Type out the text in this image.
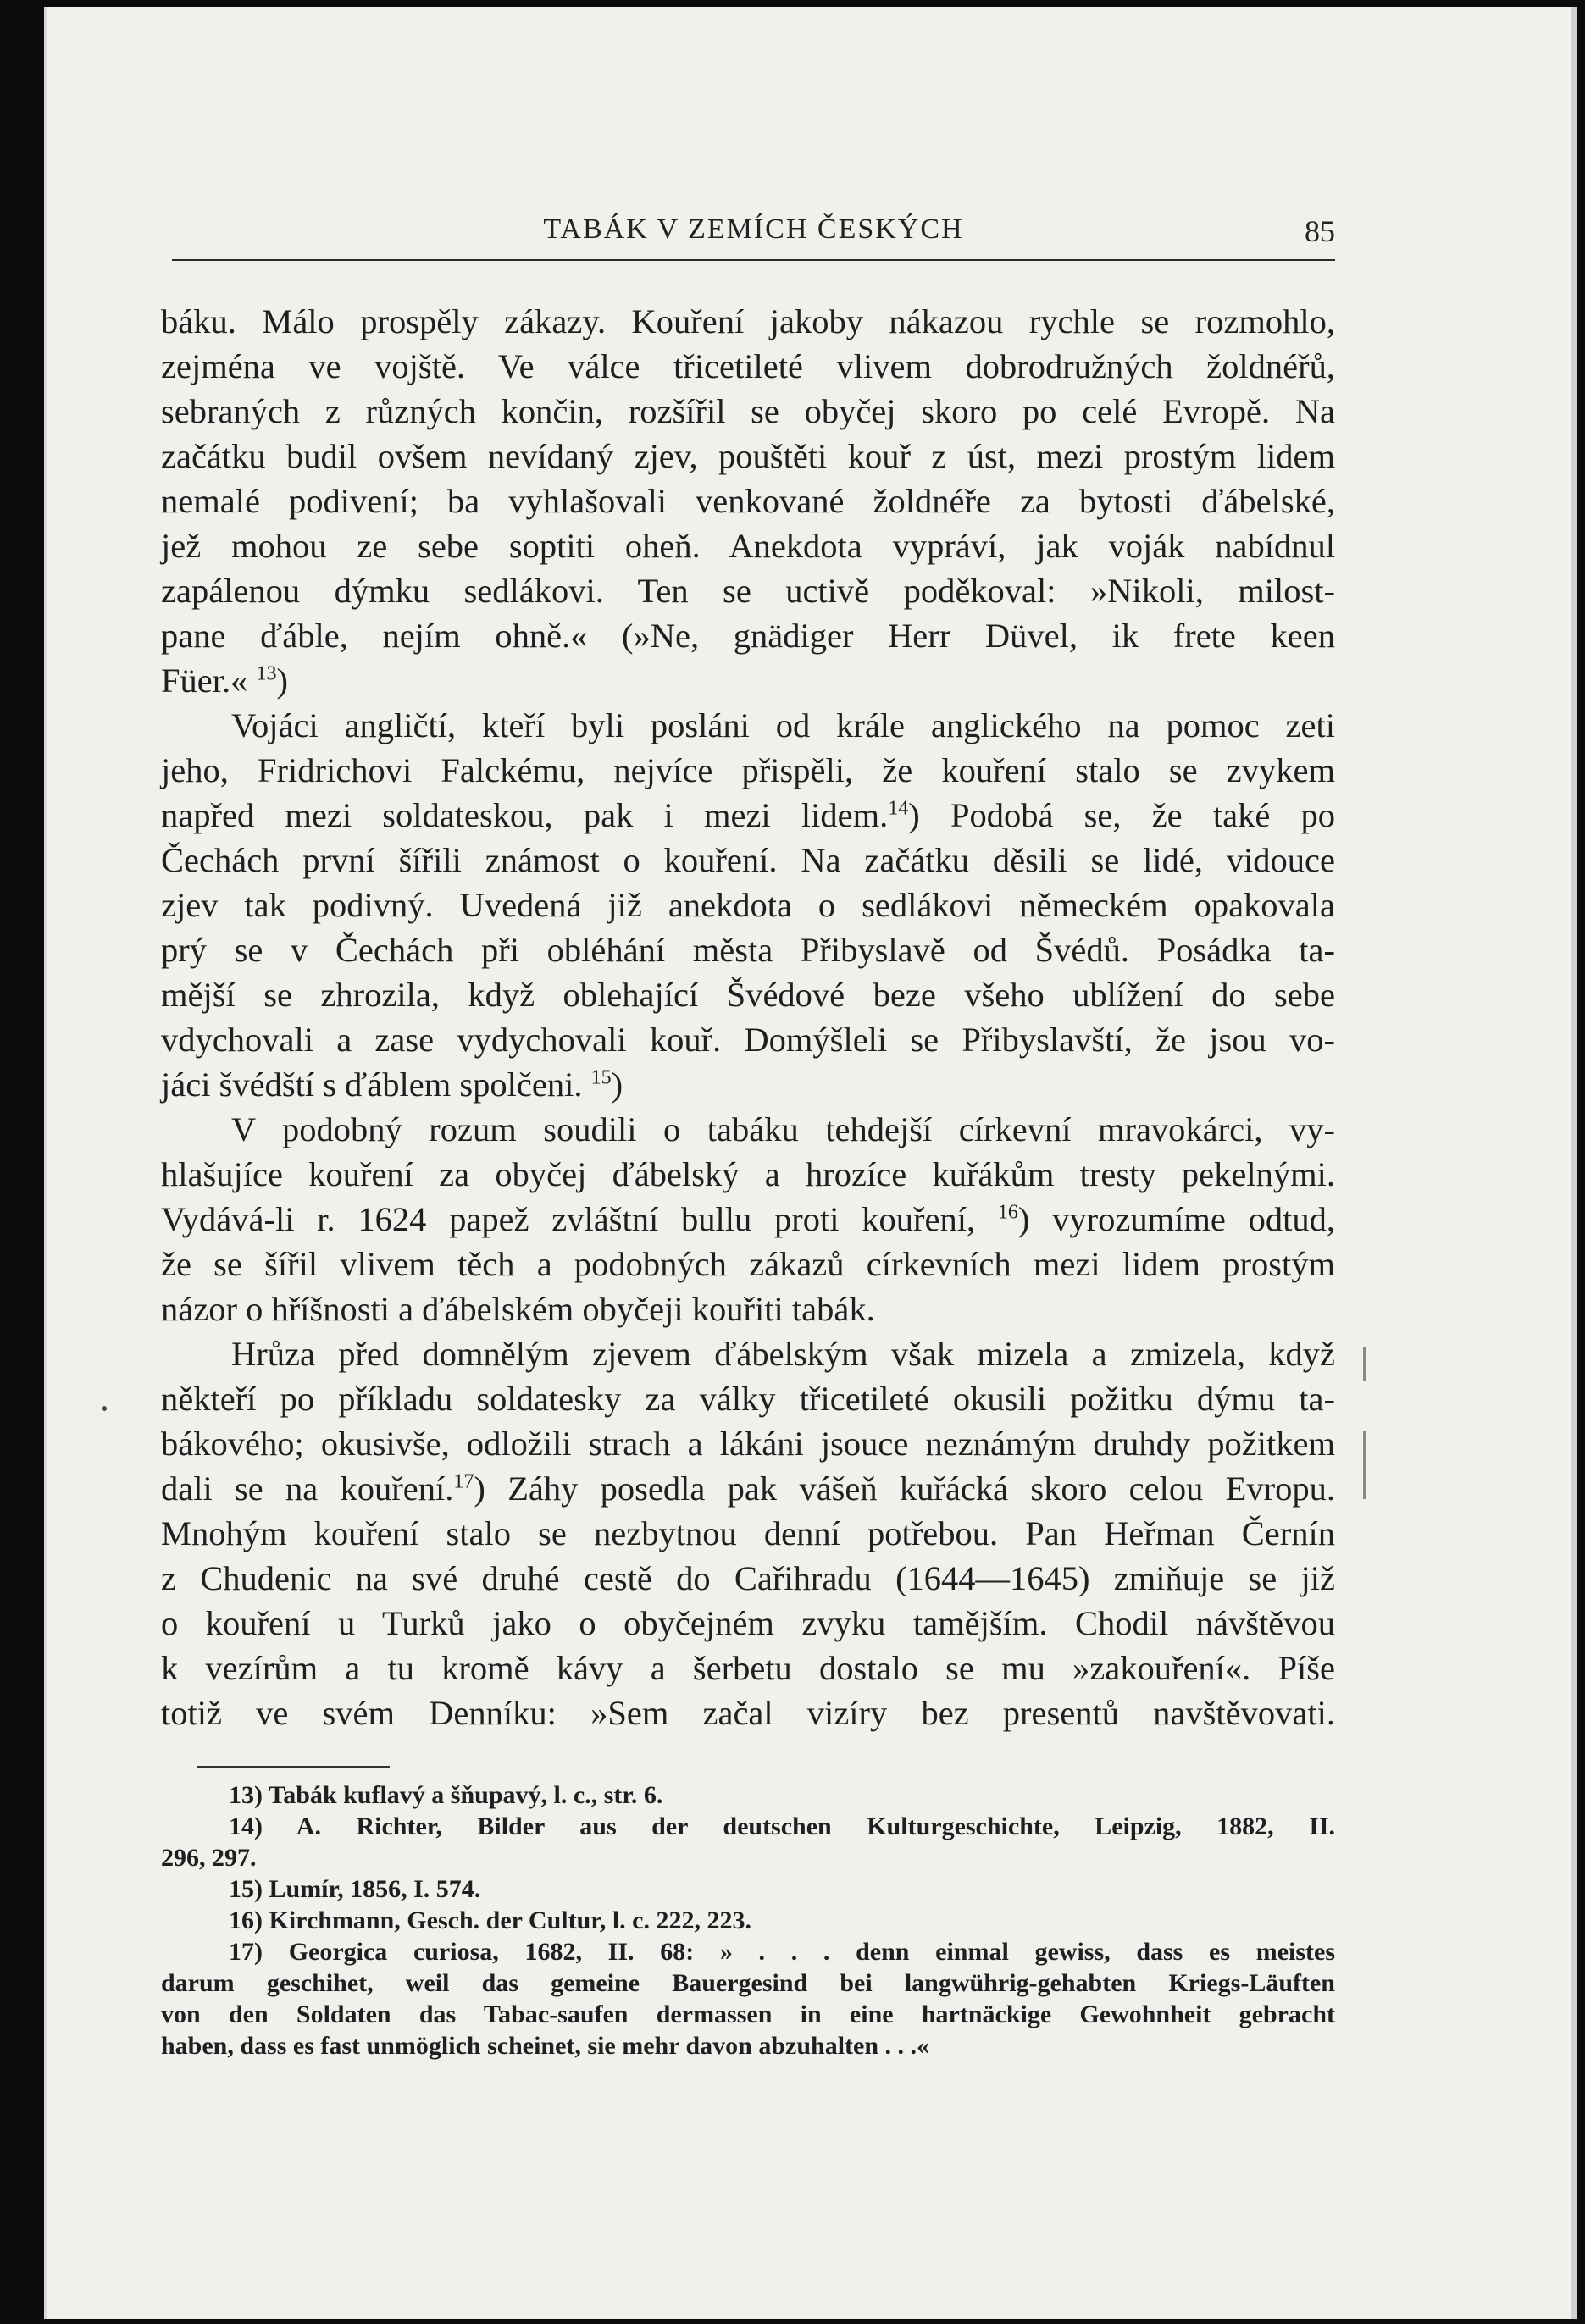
TABÁK V ZEMÍCH ČESKÝCH	85
báku. Málo prospěly zákazy. Kouření jakoby nákazou rychle se rozmohlo,
zejména ve vojště. Ve válce třicetileté vlivem dobrodružných žoldnéřů,
sebraných z různých končin, rozšířil se obyčej skoro po celé Evropě. Na
začátku budil ovšem nevídaný zjev, pouštěti kouř z úst, mezi prostým lidem
nemalé podivení; ba vyhlašovali venkované žoldnéře za bytosti ďábelské,
jež mohou ze sebe soptiti oheň. Anekdota vypráví, jak voják nabídnul
zapálenou dýmku sedlákovi. Ten se uctivě poděkoval: »Nikoli, milost-
pane ďáble, nejím ohně.« (»Ne, gnädiger Herr Düvel, ik frete keen
Füer.« $^{13}$)
Vojáci angličtí, kteří byli posláni od krále anglického na pomoc zeti
jeho, Fridrichovi Falckému, nejvíce přispěli, že kouření stalo se zvykem
napřed mezi soldateskou, pak i mezi lidem.$^{14}$) Podobá se, že také po
Čechách první šířili známost o kouření. Na začátku děsili se lidé, vidouce
zjev tak podivný. Uvedená již anekdota o sedlákovi německém opakovala
prý se v Čechách při obléhání města Přibyslavě od Švédů. Posádka ta-
mější se zhrozila, když oblehající Švédové beze všeho ublížení do sebe
vdychovali a zase vydychovali kouř. Domýšleli se Přibyslavští, že jsou vo-
jáci švédští s ďáblem spolčeni. $^{15}$)
V podobný rozum soudili o tabáku tehdejší církevní mravokárci, vy-
hlašujíce kouření za obyčej ďábelský a hrozíce kuřákům tresty pekelnými.
Vydává-li r. 1624 papež zvláštní bullu proti kouření, $^{16}$) vyrozumíme odtud,
že se šířil vlivem těch a podobných zákazů církevních mezi lidem prostým
názor o hříšnosti a ďábelském obyčeji kouřiti tabák.
Hrůza před domnělým zjevem ďábelským však mizela a zmizela, když
někteří po příkladu soldatesky za války třicetileté okusili požitku dýmu ta-
bákového; okusivše, odložili strach a lákáni jsouce neznámým druhdy požitkem
dali se na kouření.$^{17}$) Záhy posedla pak vášeň kuřácká skoro celou Evropu.
Mnohým kouření stalo se nezbytnou denní potřebou. Pan Heřman Černín
z Chudenic na své druhé cestě do Cařihradu (1644—1645) zmiňuje se již
o kouření u Turků jako o obyčejném zvyku tamějším. Chodil návštěvou
k vezírům a tu kromě kávy a šerbetu dostalo se mu »zakouření«. Píše
totiž ve svém Denníku: »Sem začal vizíry bez presentů navštěvovati.
13) Tabák kuflavý a šňupavý, l. c., str. 6.
14) A. Richter, Bilder aus der deutschen Kulturgeschichte, Leipzig, 1882, II.
296, 297.
15) Lumír, 1856, I. 574.
16) Kirchmann, Gesch. der Cultur, l. c. 222, 223.
17) Georgica curiosa, 1682, II. 68: » . . . denn einmal gewiss, dass es meistes
darum geschihet, weil das gemeine Bauergesind bei langwührig-gehabten Kriegs-Läuften
von den Soldaten das Tabac-saufen dermassen in eine hartnäckige Gewohnheit gebracht
haben, dass es fast unmöglich scheinet, sie mehr davon abzuhalten . . .«
